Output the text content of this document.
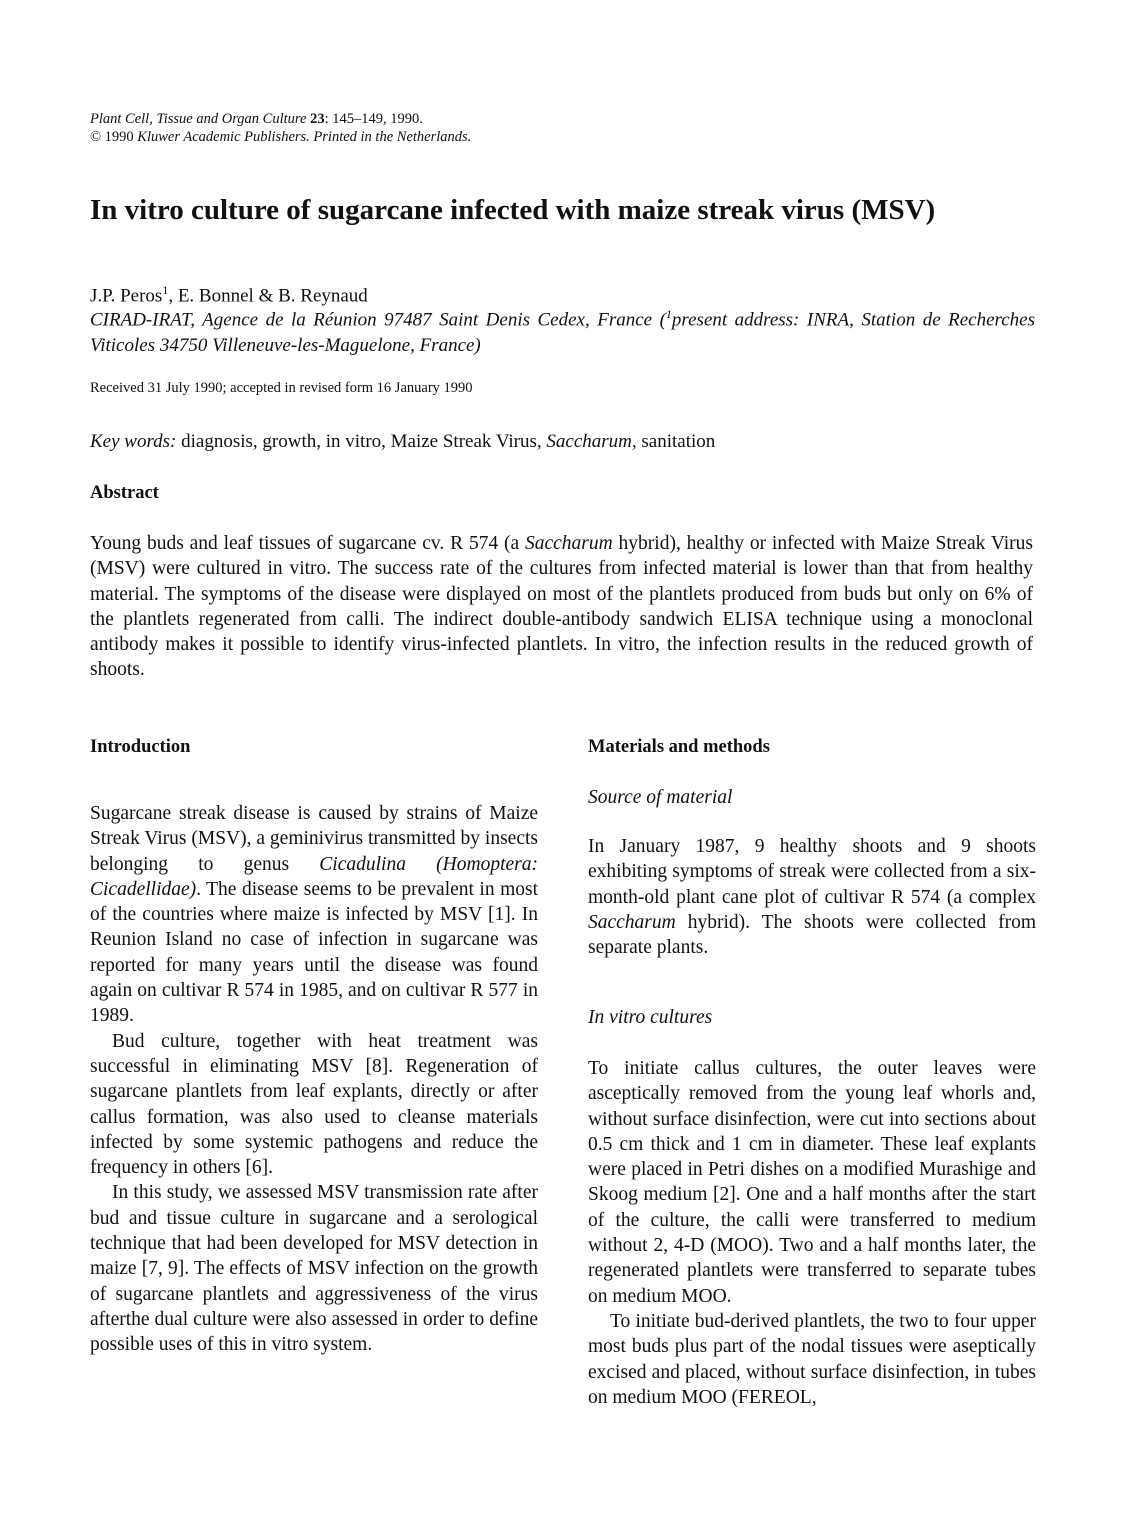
Plant Cell, Tissue and Organ Culture 23: 145–149, 1990.
© 1990 Kluwer Academic Publishers. Printed in the Netherlands.
In vitro culture of sugarcane infected with maize streak virus (MSV)
J.P. Peros$^1$, E. Bonnel & B. Reynaud
CIRAD-IRAT, Agence de la Réunion 97487 Saint Denis Cedex, France ($^1$present address: INRA, Station de Recherches Viticoles 34750 Villeneuve-les-Maguelone, France)
Received 31 July 1990; accepted in revised form 16 January 1990
Key words: diagnosis, growth, in vitro, Maize Streak Virus, Saccharum, sanitation
Abstract

Young buds and leaf tissues of sugarcane cv. R 574 (a Saccharum hybrid), healthy or infected with Maize Streak Virus (MSV) were cultured in vitro. The success rate of the cultures from infected material is lower than that from healthy material. The symptoms of the disease were displayed on most of the plantlets produced from buds but only on 6% of the plantlets regenerated from calli. The indirect double-antibody sandwich ELISA technique using a monoclonal antibody makes it possible to identify virus-infected plantlets. In vitro, the infection results in the reduced growth of shoots.

Introduction

Sugarcane streak disease is caused by strains of Maize Streak Virus (MSV), a geminivirus transmitted by insects belonging to genus Cicadulina (Homoptera: Cicadellidae). The disease seems to be prevalent in most of the countries where maize is infected by MSV [1]. In Reunion Island no case of infection in sugarcane was reported for many years until the disease was found again on cultivar R 574 in 1985, and on cultivar R 577 in 1989.

Bud culture, together with heat treatment was successful in eliminating MSV [8]. Regeneration of sugarcane plantlets from leaf explants, directly or after callus formation, was also used to cleanse materials infected by some systemic pathogens and reduce the frequency in others [6].

In this study, we assessed MSV transmission rate after bud and tissue culture in sugarcane and a serological technique that had been developed for MSV detection in maize [7, 9]. The effects of MSV infection on the growth of sugarcane plantlets and aggressiveness of the virus afterthe dual culture were also assessed in order to define possible uses of this in vitro system.

Materials and methods
Source of material

In January 1987, 9 healthy shoots and 9 shoots exhibiting symptoms of streak were collected from a six-month-old plant cane plot of cultivar R 574 (a complex Saccharum hybrid). The shoots were collected from separate plants.

In vitro cultures

To initiate callus cultures, the outer leaves were asceptically removed from the young leaf whorls and, without surface disinfection, were cut into sections about 0.5 cm thick and 1 cm in diameter. These leaf explants were placed in Petri dishes on a modified Murashige and Skoog medium [2]. One and a half months after the start of the culture, the calli were transferred to medium without 2, 4-D (MOO). Two and a half months later, the regenerated plantlets were transferred to separate tubes on medium MOO.

To initiate bud-derived plantlets, the two to four upper most buds plus part of the nodal tissues were aseptically excised and placed, without surface disinfection, in tubes on medium MOO (FEREOL,
